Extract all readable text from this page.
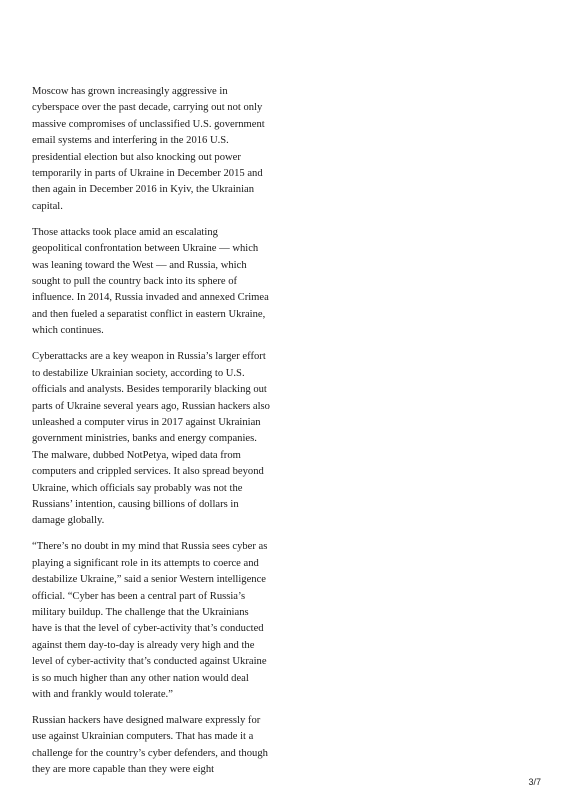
Moscow has grown increasingly aggressive in cyberspace over the past decade, carrying out not only massive compromises of unclassified U.S. government email systems and interfering in the 2016 U.S. presidential election but also knocking out power temporarily in parts of Ukraine in December 2015 and then again in December 2016 in Kyiv, the Ukrainian capital.

Those attacks took place amid an escalating geopolitical confrontation between Ukraine — which was leaning toward the West — and Russia, which sought to pull the country back into its sphere of influence. In 2014, Russia invaded and annexed Crimea and then fueled a separatist conflict in eastern Ukraine, which continues.

Cyberattacks are a key weapon in Russia’s larger effort to destabilize Ukrainian society, according to U.S. officials and analysts. Besides temporarily blacking out parts of Ukraine several years ago, Russian hackers also unleashed a computer virus in 2017 against Ukrainian government ministries, banks and energy companies. The malware, dubbed NotPetya, wiped data from computers and crippled services. It also spread beyond Ukraine, which officials say probably was not the Russians’ intention, causing billions of dollars in damage globally.

“There’s no doubt in my mind that Russia sees cyber as playing a significant role in its attempts to coerce and destabilize Ukraine,” said a senior Western intelligence official. “Cyber has been a central part of Russia’s military buildup. The challenge that the Ukrainians have is that the level of cyber-activity that’s conducted against them day-to-day is already very high and the level of cyber-activity that’s conducted against Ukraine is so much higher than any other nation would deal with and frankly would tolerate.”

Russian hackers have designed malware expressly for use against Ukrainian computers. That has made it a challenge for the country’s cyber defenders, and though they are more capable than they were eight

3/7
